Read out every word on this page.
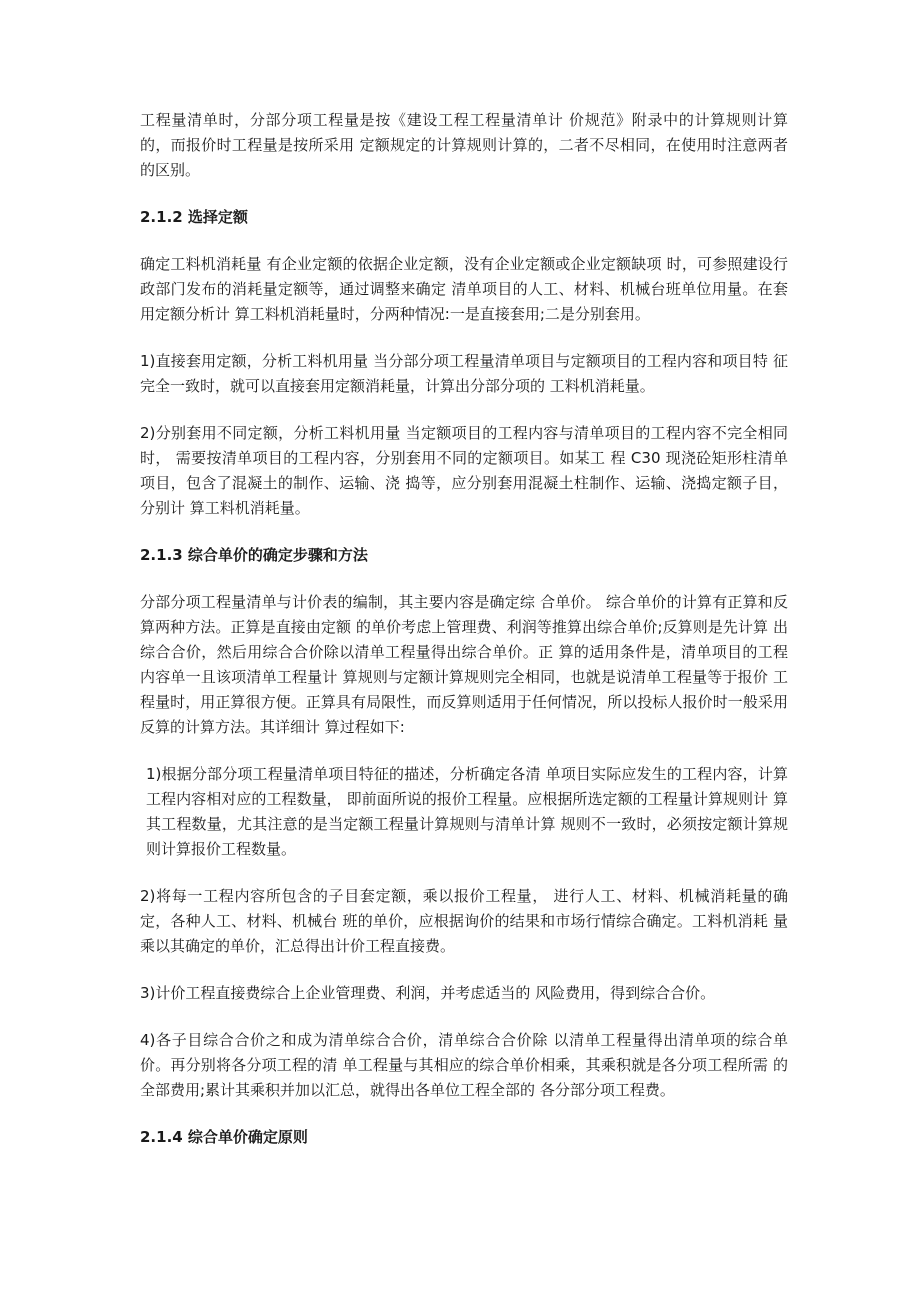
工程量清单时，分部分项工程量是按《建设工程工程量清单计 价规范》附录中的计算规则计算的，而报价时工程量是按所采用 定额规定的计算规则计算的，二者不尽相同，在使用时注意两者 的区别。

2.1.2 选择定额

确定工料机消耗量 有企业定额的依据企业定额，没有企业定额或企业定额缺项 时，可参照建设行政部门发布的消耗量定额等，通过调整来确定 清单项目的人工、材料、机械台班单位用量。在套用定额分析计 算工料机消耗量时，分两种情况:一是直接套用;二是分别套用。

1)直接套用定额，分析工料机用量 当分部分项工程量清单项目与定额项目的工程内容和项目特 征完全一致时，就可以直接套用定额消耗量，计算出分部分项的 工料机消耗量。

2)分别套用不同定额，分析工料机用量 当定额项目的工程内容与清单项目的工程内容不完全相同时， 需要按清单项目的工程内容，分别套用不同的定额项目。如某工 程 C30 现浇砼矩形柱清单项目，包含了混凝土的制作、运输、浇 捣等，应分别套用混凝土柱制作、运输、浇捣定额子目，分别计 算工料机消耗量。

2.1.3 综合单价的确定步骤和方法

分部分项工程量清单与计价表的编制，其主要内容是确定综 合单价。 综合单价的计算有正算和反算两种方法。正算是直接由定额 的单价考虑上管理费、利润等推算出综合单价;反算则是先计算 出综合合价，然后用综合合价除以清单工程量得出综合单价。正 算的适用条件是，清单项目的工程内容单一且该项清单工程量计 算规则与定额计算规则完全相同，也就是说清单工程量等于报价 工程量时，用正算很方便。正算具有局限性，而反算则适用于任何情况，所以投标人报价时一般采用反算的计算方法。其详细计 算过程如下:

1)根据分部分项工程量清单项目特征的描述，分析确定各清 单项目实际应发生的工程内容，计算工程内容相对应的工程数量， 即前面所说的报价工程量。应根据所选定额的工程量计算规则计 算其工程数量，尤其注意的是当定额工程量计算规则与清单计算 规则不一致时，必须按定额计算规则计算报价工程数量。

2)将每一工程内容所包含的子目套定额，乘以报价工程量， 进行人工、材料、机械消耗量的确定，各种人工、材料、机械台 班的单价，应根据询价的结果和市场行情综合确定。工料机消耗 量乘以其确定的单价，汇总得出计价工程直接费。

3)计价工程直接费综合上企业管理费、利润，并考虑适当的 风险费用，得到综合合价。

4)各子目综合合价之和成为清单综合合价，清单综合合价除 以清单工程量得出清单项的综合单价。再分别将各分项工程的清 单工程量与其相应的综合单价相乘，其乘积就是各分项工程所需 的全部费用;累计其乘积并加以汇总，就得出各单位工程全部的 各分部分项工程费。

2.1.4 综合单价确定原则
